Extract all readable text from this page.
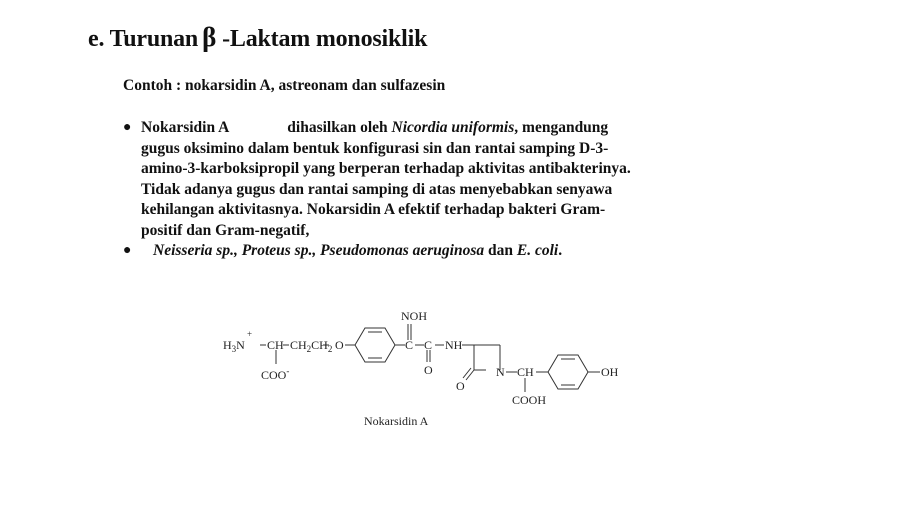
e. Turunan β -Laktam monosiklik
Contoh : nokarsidin A, astreonam dan sulfazesin
● Nokarsidin A	dihasilkan oleh Nicordia uniformis, mengandung
gugus oksimino dalam bentuk konfigurasi sin dan rantai samping D-3-
amino-3-karboksipropil yang berperan terhadap aktivitas antibakterinya.
Tidak adanya gugus dan rantai samping di atas menyebabkan senyawa
kehilangan aktivitasnya. Nokarsidin A efektif terhadap bakteri Gram-
positif dan Gram-negatif,
● Neisseria sp., Proteus sp., Pseudomonas aeruginosa dan E. coli.
$H_3N$
+
CH $CH_2CH_2$ O
COO-
NOH
C C
O
NH
N
O
CH
COOH
OH
Nokarsidin A
